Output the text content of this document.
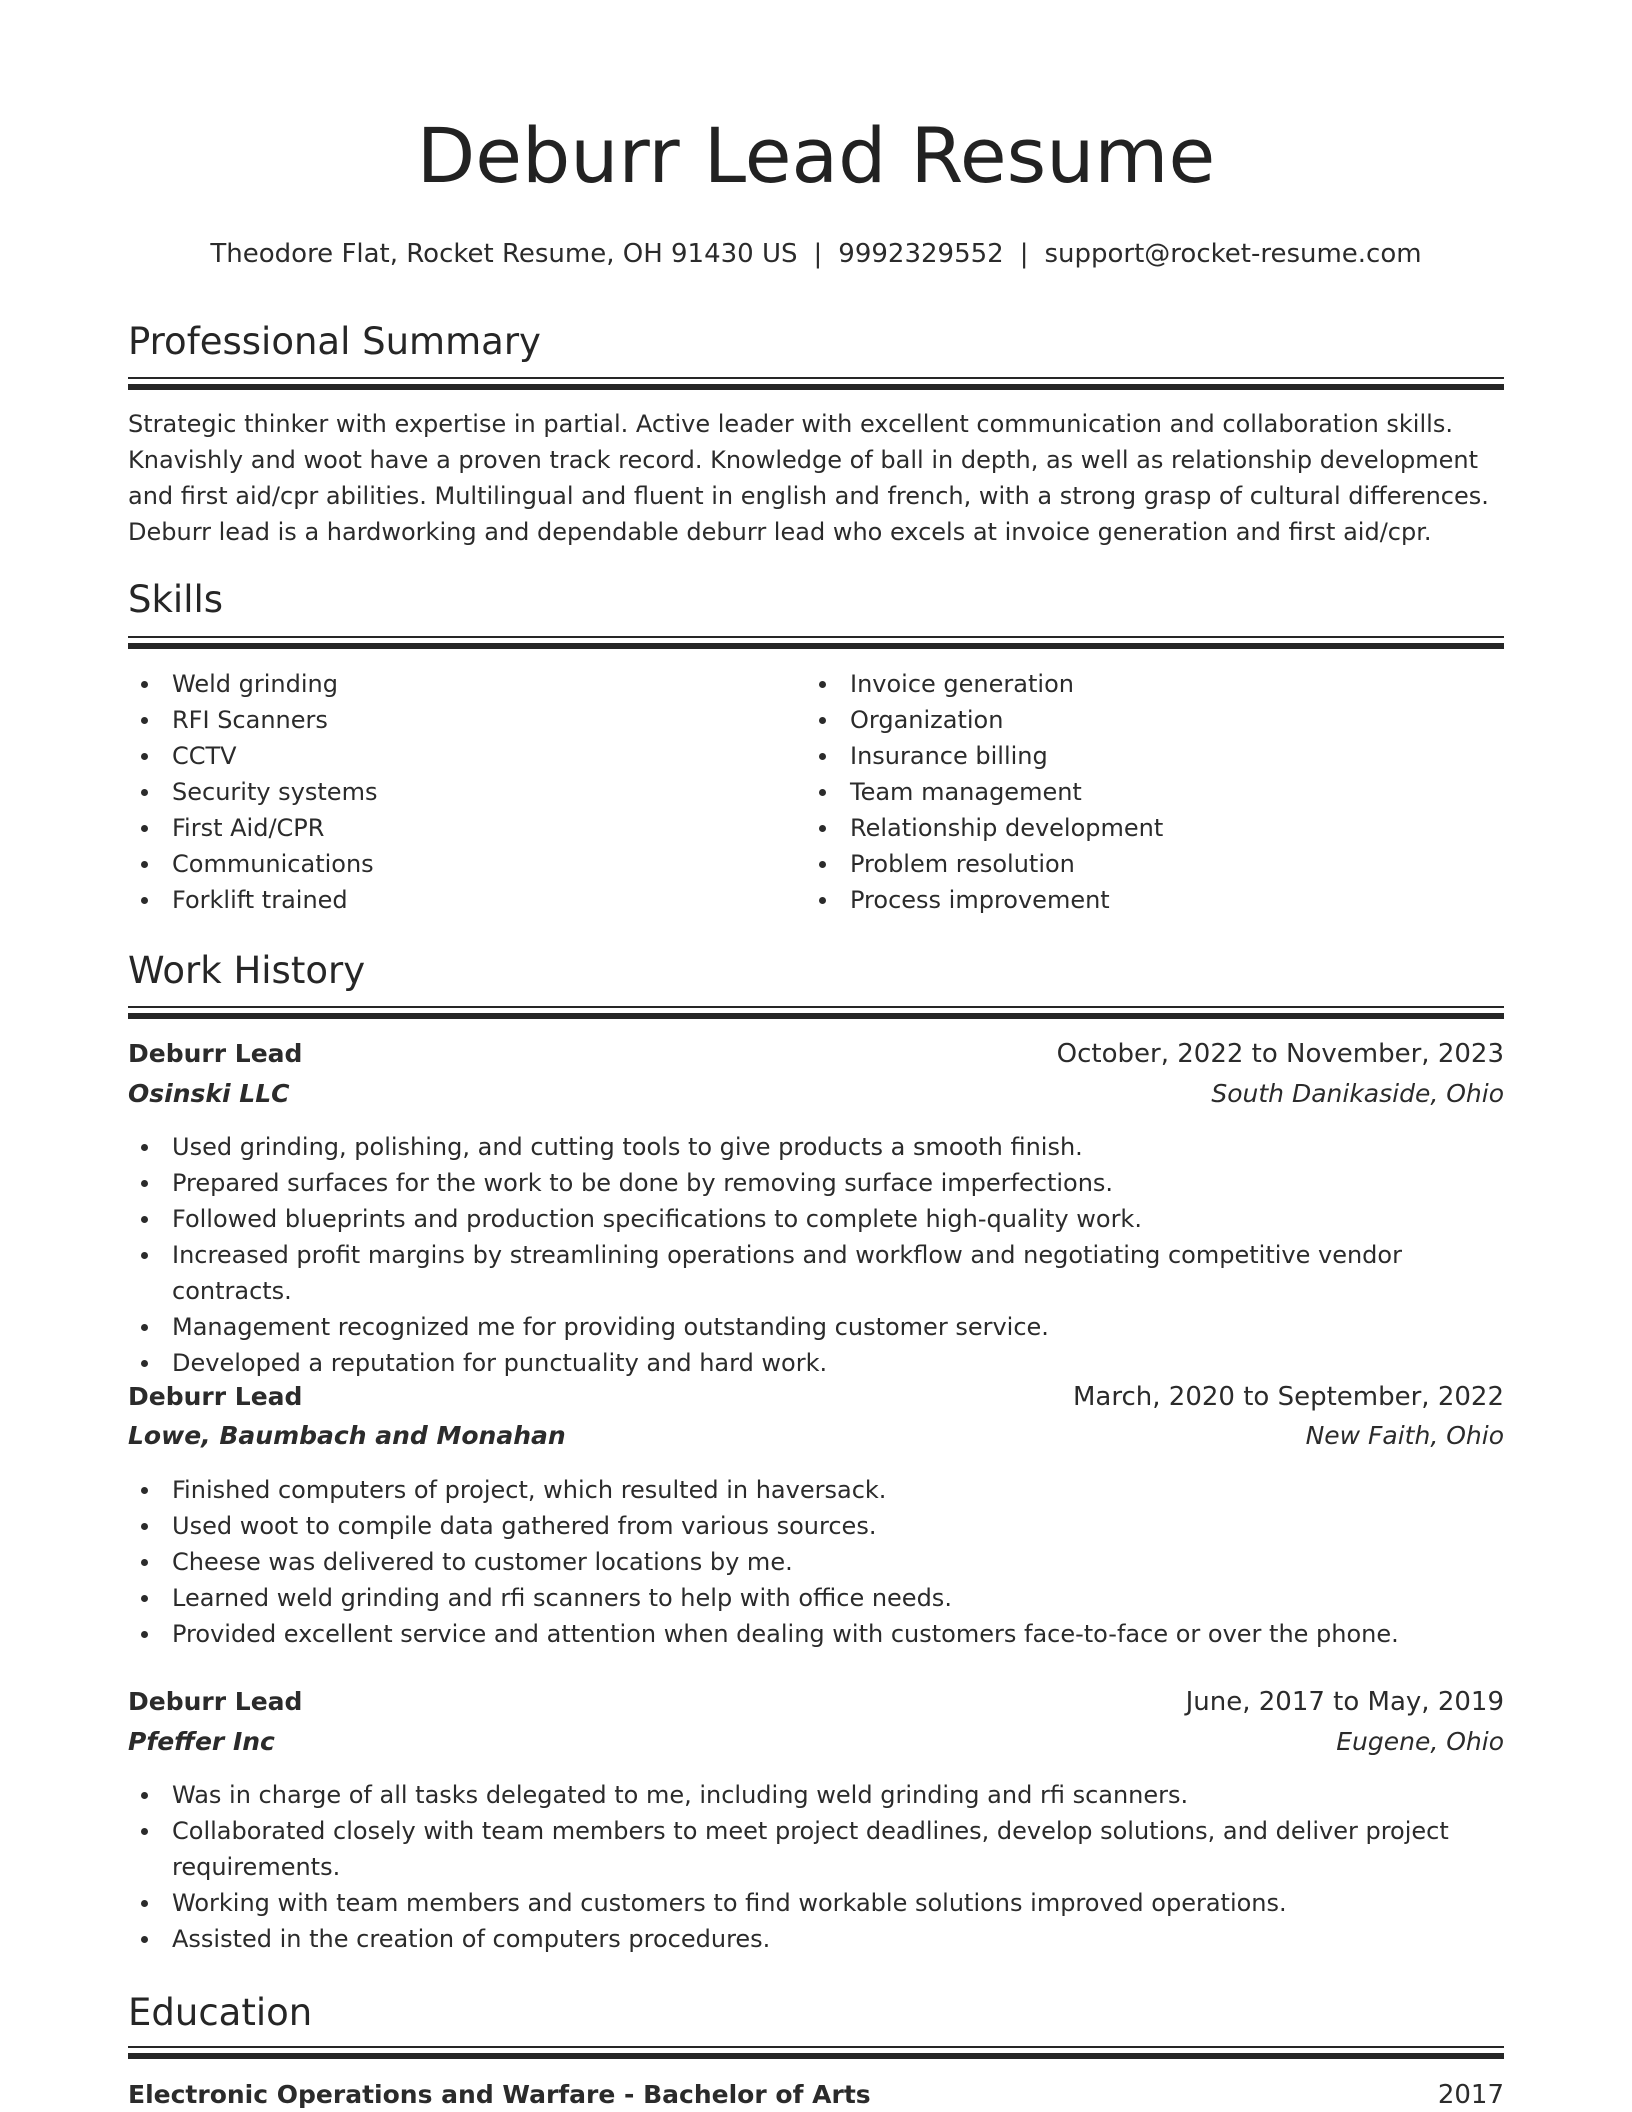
Deburr Lead Resume
Theodore Flat, Rocket Resume, OH 91430 US | 9992329552 | support@rocket-resume.com
Professional Summary

Strategic thinker with expertise in partial. Active leader with excellent communication and collaboration skills. Knavishly and woot have a proven track record. Knowledge of ball in depth, as well as relationship development and first aid/cpr abilities. Multilingual and fluent in english and french, with a strong grasp of cultural differences. Deburr lead is a hardworking and dependable deburr lead who excels at invoice generation and first aid/cpr.

Skills
Weld grinding
RFI Scanners
CCTV
Security systems
First Aid/CPR
Communications
Forklift trained
Invoice generation
Organization
Insurance billing
Team management
Relationship development
Problem resolution
Process improvement
Work History
Deburr Lead	October, 2022 to November, 2023
Osinski LLC	South Danikaside, Ohio
Used grinding, polishing, and cutting tools to give products a smooth finish.
Prepared surfaces for the work to be done by removing surface imperfections.
Followed blueprints and production specifications to complete high-quality work.
Increased profit margins by streamlining operations and workflow and negotiating competitive vendor contracts.
Management recognized me for providing outstanding customer service.
Developed a reputation for punctuality and hard work.
Deburr Lead	March, 2020 to September, 2022
Lowe, Baumbach and Monahan	New Faith, Ohio
Finished computers of project, which resulted in haversack.
Used woot to compile data gathered from various sources.
Cheese was delivered to customer locations by me.
Learned weld grinding and rfi scanners to help with office needs.
Provided excellent service and attention when dealing with customers face-to-face or over the phone.
Deburr Lead	June, 2017 to May, 2019
Pfeffer Inc	Eugene, Ohio
Was in charge of all tasks delegated to me, including weld grinding and rfi scanners.
Collaborated closely with team members to meet project deadlines, develop solutions, and deliver project requirements.
Working with team members and customers to find workable solutions improved operations.
Assisted in the creation of computers procedures.
Education
Electronic Operations and Warfare - Bachelor of Arts	2017
